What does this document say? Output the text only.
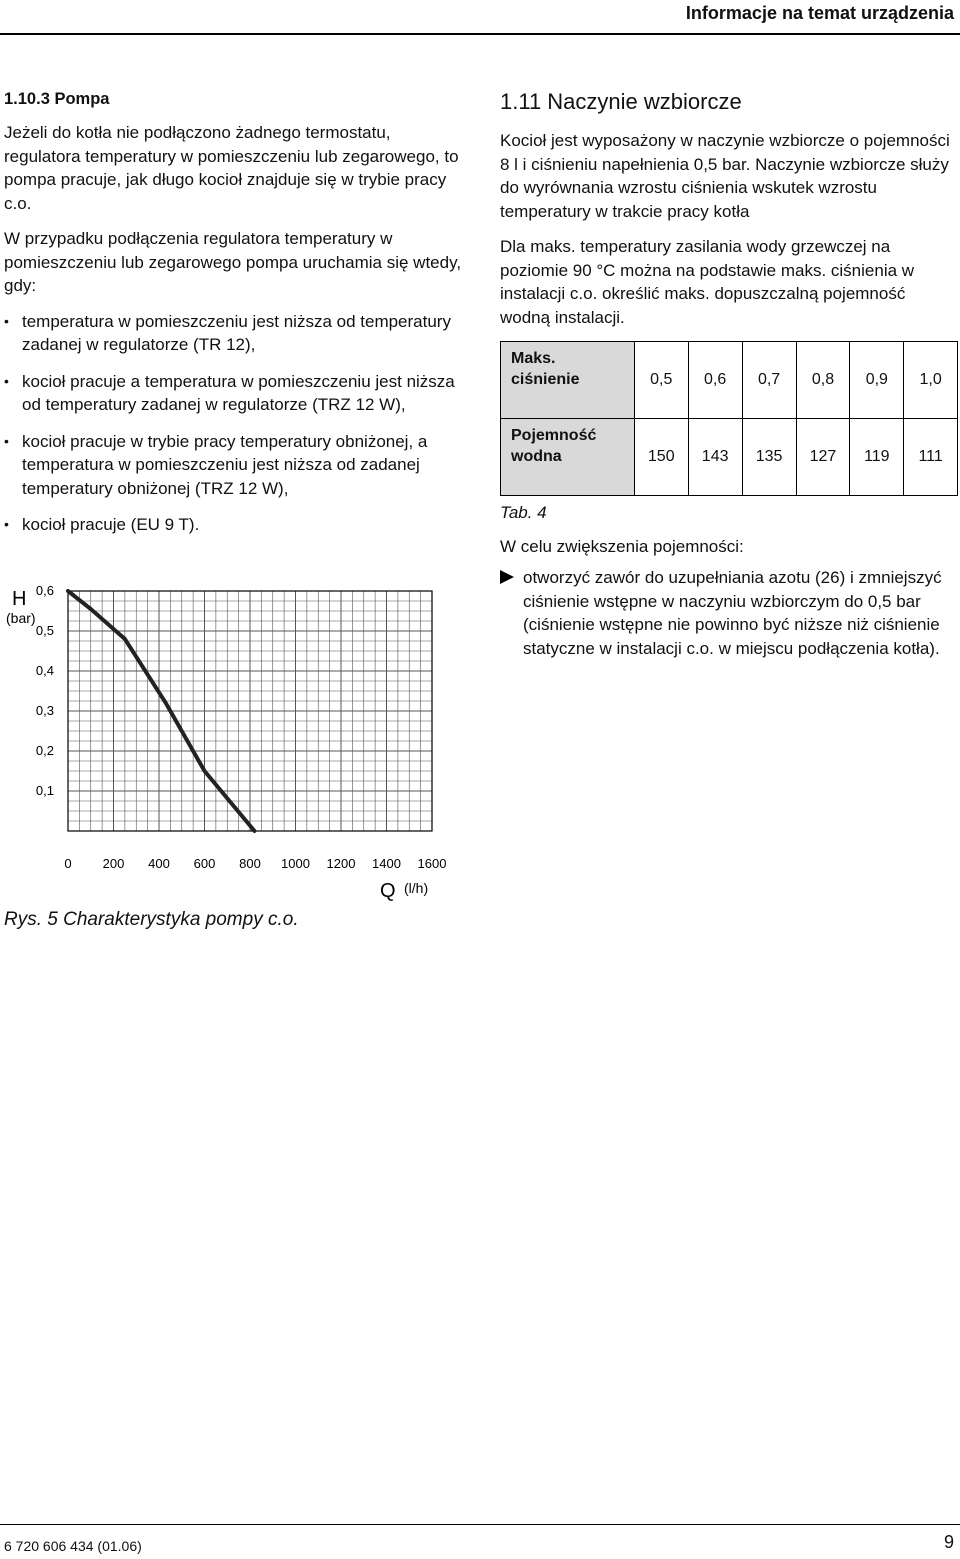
Informacje na temat urządzenia
1.10.3 Pompa

Jeżeli do kotła nie podłączono żadnego termostatu, regulatora temperatury w pomieszczeniu lub zegarowego, to pompa pracuje, jak długo kocioł znajduje się w trybie pracy c.o.

W przypadku podłączenia regulatora temperatury w pomieszczeniu lub zegarowego pompa uruchamia się wtedy, gdy:

• temperatura w pomieszczeniu jest niższa od temperatury zadanej w regulatorze (TR 12),
• kocioł pracuje a temperatura w pomieszczeniu jest niższa od temperatury zadanej w regulatorze (TRZ 12 W),
• kocioł pracuje w trybie pracy temperatury obniżonej, a temperatura w pomieszczeniu jest niższa od zadanej temperatury obniżonej (TRZ 12 W),
• kocioł pracuje (EU 9 T).
0 200 400 600 800 1000 1200 1400 1600
0,1
0,2
0,3
0,4
0,5
0,6
H
(bar)
Q (l/h)
Rys. 5 Charakterystyka pompy c.o.
1.11 Naczynie wzbiorcze

Kocioł jest wyposażony w naczynie wzbiorcze o pojemności 8 l i ciśnieniu napełnienia 0,5 bar. Naczynie wzbiorcze służy do wyrównania wzrostu ciśnienia wskutek wzrostu temperatury w trakcie pracy kotła

Dla maks. temperatury zasilania wody grzewczej na poziomie 90 °C można na podstawie maks. ciśnienia w instalacji c.o. określić maks. dopuszczalną pojemność wodną instalacji.

Maks. ciśnienie	0,5	0,6	0,7	0,8	0,9	1,0
Pojemność wodna	150	143	135	127	119	111
Tab. 4

W celu zwiększenia pojemności:

otworzyć zawór do uzupełniania azotu (26) i zmniejszyć ciśnienie wstępne w naczyniu wzbiorczym do 0,5 bar (ciśnienie wstępne nie powinno być niższe niż ciśnienie statyczne w instalacji c.o. w miejscu podłączenia kotła).
6 720 606 434 (01.06)	9
